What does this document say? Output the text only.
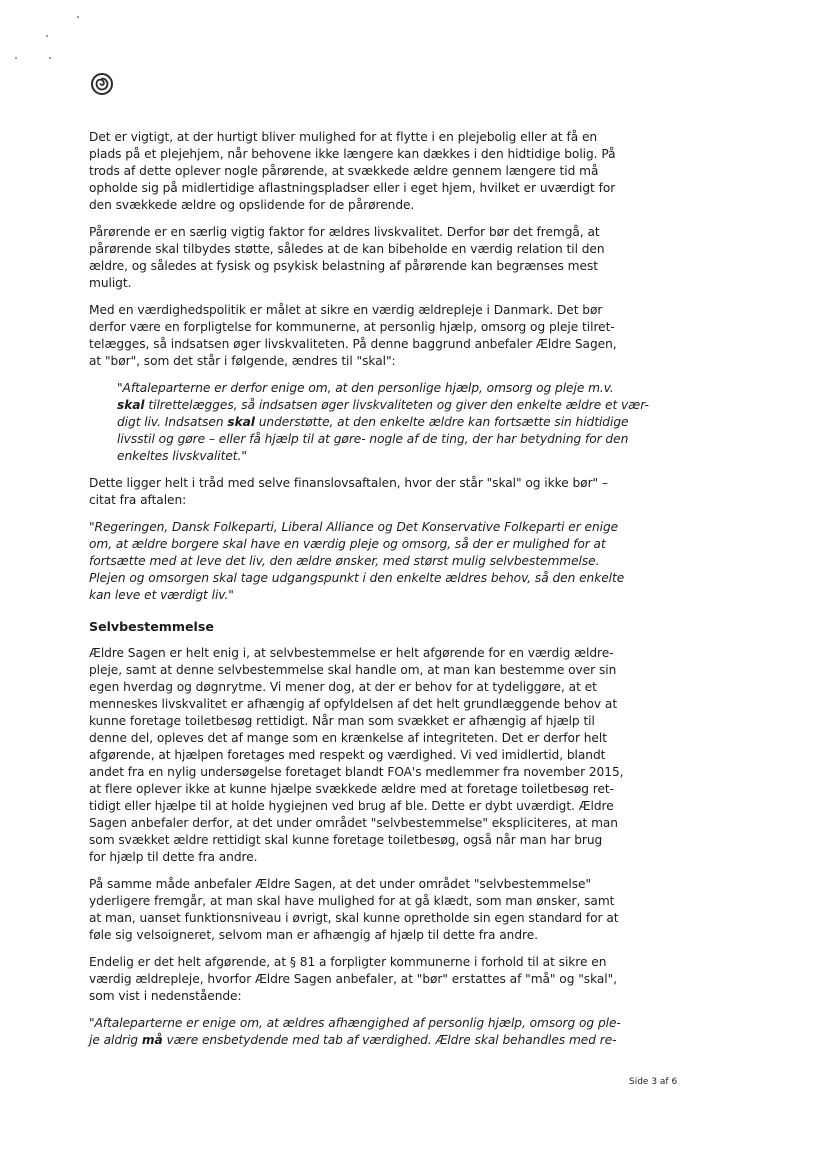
Det er vigtigt, at der hurtigt bliver mulighed for at flytte i en plejebolig eller at få en
plads på et plejehjem, når behovene ikke længere kan dækkes i den hidtidige bolig. På
trods af dette oplever nogle pårørende, at svækkede ældre gennem længere tid må
opholde sig på midlertidige aflastningspladser eller i eget hjem, hvilket er uværdigt for
den svækkede ældre og opslidende for de pårørende.

Pårørende er en særlig vigtig faktor for ældres livskvalitet. Derfor bør det fremgå, at
pårørende skal tilbydes støtte, således at de kan bibeholde en værdig relation til den
ældre, og således at fysisk og psykisk belastning af pårørende kan begrænses mest
muligt.

Med en værdighedspolitik er målet at sikre en værdig ældrepleje i Danmark. Det bør
derfor være en forpligtelse for kommunerne, at personlig hjælp, omsorg og pleje tilret-
telægges, så indsatsen øger livskvaliteten. På denne baggrund anbefaler Ældre Sagen,
at "bør", som det står i følgende, ændres til "skal":

"Aftaleparterne er derfor enige om, at den personlige hjælp, omsorg og pleje m.v.
skal tilrettelægges, så indsatsen øger livskvaliteten og giver den enkelte ældre et vær-
digt liv. Indsatsen skal understøtte, at den enkelte ældre kan fortsætte sin hidtidige
livsstil og gøre – eller få hjælp til at gøre- nogle af de ting, der har betydning for den
enkeltes livskvalitet."

Dette ligger helt i tråd med selve finanslovsaftalen, hvor der står "skal" og ikke bør" –
citat fra aftalen:

"Regeringen, Dansk Folkeparti, Liberal Alliance og Det Konservative Folkeparti er enige
om, at ældre borgere skal have en værdig pleje og omsorg, så der er mulighed for at
fortsætte med at leve det liv, den ældre ønsker, med størst mulig selvbestemmelse.
Plejen og omsorgen skal tage udgangspunkt i den enkelte ældres behov, så den enkelte
kan leve et værdigt liv."

Selvbestemmelse

Ældre Sagen er helt enig i, at selvbestemmelse er helt afgørende for en værdig ældre-
pleje, samt at denne selvbestemmelse skal handle om, at man kan bestemme over sin
egen hverdag og døgnrytme. Vi mener dog, at der er behov for at tydeliggøre, at et
menneskes livskvalitet er afhængig af opfyldelsen af det helt grundlæggende behov at
kunne foretage toiletbesøg rettidigt. Når man som svækket er afhængig af hjælp til
denne del, opleves det af mange som en krænkelse af integriteten. Det er derfor helt
afgørende, at hjælpen foretages med respekt og værdighed. Vi ved imidlertid, blandt
andet fra en nylig undersøgelse foretaget blandt FOA's medlemmer fra november 2015,
at flere oplever ikke at kunne hjælpe svækkede ældre med at foretage toiletbesøg ret-
tidigt eller hjælpe til at holde hygiejnen ved brug af ble. Dette er dybt uværdigt. Ældre
Sagen anbefaler derfor, at det under området "selvbestemmelse" ekspliciteres, at man
som svækket ældre rettidigt skal kunne foretage toiletbesøg, også når man har brug
for hjælp til dette fra andre.

På samme måde anbefaler Ældre Sagen, at det under området "selvbestemmelse"
yderligere fremgår, at man skal have mulighed for at gå klædt, som man ønsker, samt
at man, uanset funktionsniveau i øvrigt, skal kunne opretholde sin egen standard for at
føle sig velsoigneret, selvom man er afhængig af hjælp til dette fra andre.

Endelig er det helt afgørende, at § 81 a forpligter kommunerne i forhold til at sikre en
værdig ældrepleje, hvorfor Ældre Sagen anbefaler, at "bør" erstattes af "må" og "skal",
som vist i nedenstående:

"Aftaleparterne er enige om, at ældres afhængighed af personlig hjælp, omsorg og ple-
je aldrig må være ensbetydende med tab af værdighed. Ældre skal behandles med re-

Side 3 af 6
